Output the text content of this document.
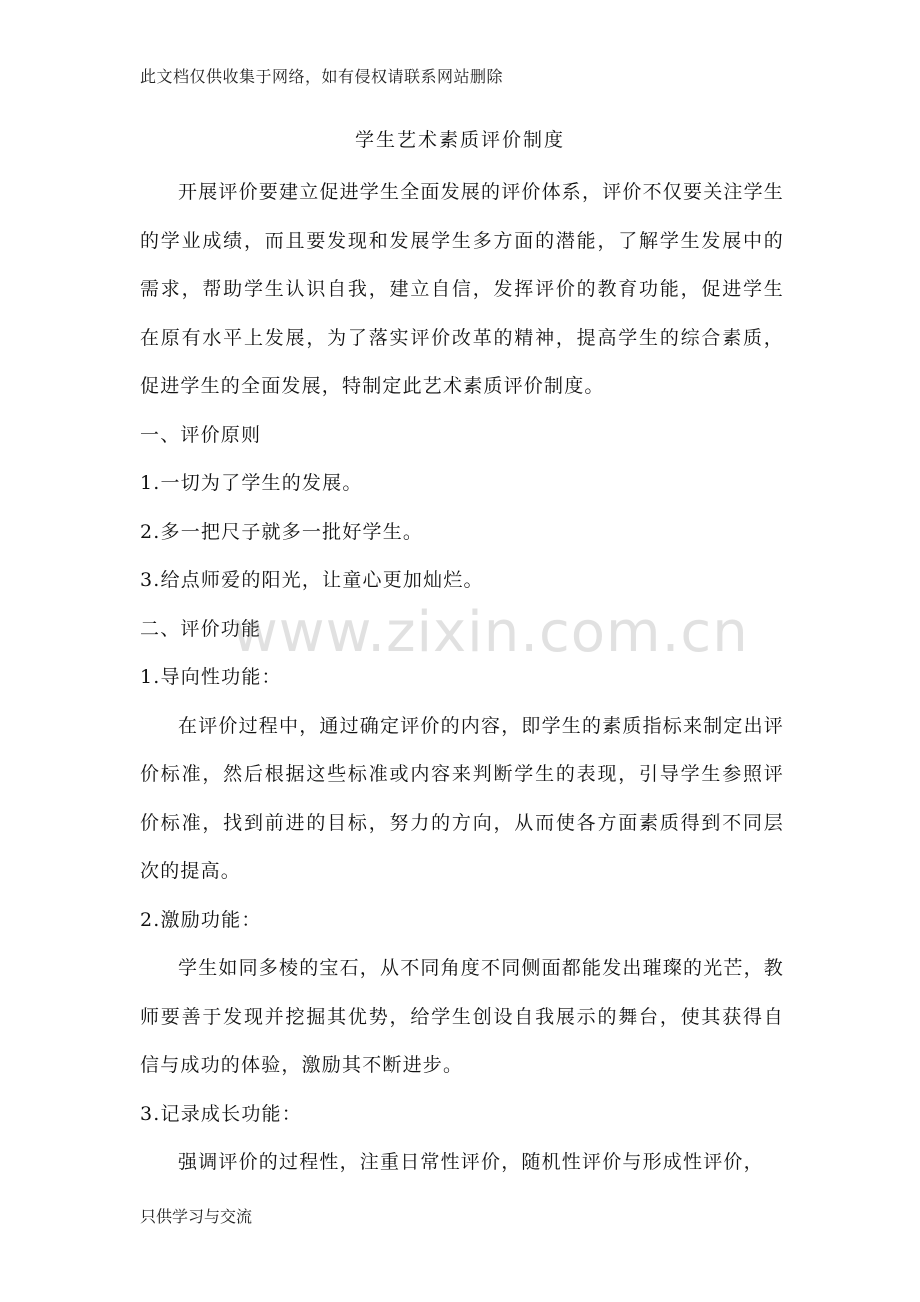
此文档仅供收集于网络，如有侵权请联系网站删除
学生艺术素质评价制度

开展评价要建立促进学生全面发展的评价体系，评价不仅要关注学生的学业成绩，而且要发现和发展学生多方面的潜能，了解学生发展中的需求，帮助学生认识自我，建立自信，发挥评价的教育功能，促进学生在原有水平上发展，为了落实评价改革的精神，提高学生的综合素质，促进学生的全面发展，特制定此艺术素质评价制度。

一、评价原则

1.一切为了学生的发展。

2.多一把尺子就多一批好学生。

3.给点师爱的阳光，让童心更加灿烂。

二、评价功能

1.导向性功能：

在评价过程中，通过确定评价的内容，即学生的素质指标来制定出评价标准，然后根据这些标准或内容来判断学生的表现，引导学生参照评价标准，找到前进的目标，努力的方向，从而使各方面素质得到不同层次的提高。

2.激励功能：

学生如同多棱的宝石，从不同角度不同侧面都能发出璀璨的光芒，教师要善于发现并挖掘其优势，给学生创设自我展示的舞台，使其获得自信与成功的体验，激励其不断进步。

3.记录成长功能：

强调评价的过程性，注重日常性评价，随机性评价与形成性评价，

www.zixin.com.cn
只供学习与交流
